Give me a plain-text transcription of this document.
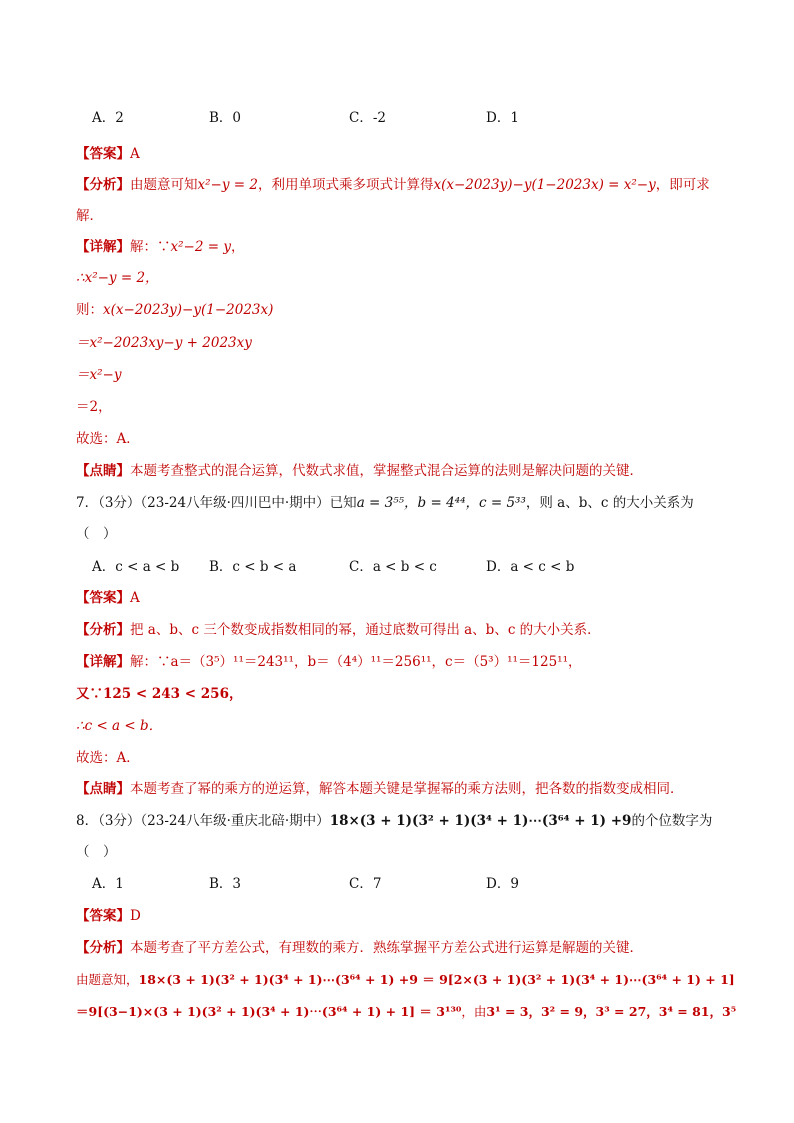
A．2	B．0	C．-2	D．1
【答案】A
【分析】由题意可知x²−y = 2，利用单项式乘多项式计算得x(x−2023y)−y(1−2023x) = x²−y，即可求
解．
【详解】解：∵x²−2 = y，
∴x²−y = 2，
则：x(x−2023y)−y(1−2023x)
＝x²−2023xy−y + 2023xy
＝x²−y
＝2，
故选：A．
【点睛】本题考查整式的混合运算，代数式求值，掌握整式混合运算的法则是解决问题的关键．
7．（3分）（23-24八年级·四川巴中·期中）已知a = 3⁵⁵，b = 4⁴⁴，c = 5³³，则 a、b、c 的大小关系为
（　）
A．c < a < b B．c < b < a	C．a < b < c	D．a < c < b
【答案】A
【分析】把 a、b、c 三个数变成指数相同的幂，通过底数可得出 a、b、c 的大小关系．
【详解】解：∵a＝（3⁵）¹¹＝243¹¹，b＝（4⁴）¹¹＝256¹¹，c＝（5³）¹¹＝125¹¹，
又∵125 < 243 < 256，
∴c < a < b．
故选：A．
【点睛】本题考查了幂的乘方的逆运算，解答本题关键是掌握幂的乘方法则，把各数的指数变成相同．
8．（3分）（23-24八年级·重庆北碚·期中）18×(3 + 1)(3² + 1)(3⁴ + 1)⋯(3⁶⁴ + 1) +9的个位数字为
（　）
A．1	B．3	C．7	D．9
【答案】D
【分析】本题考查了平方差公式，有理数的乘方．熟练掌握平方差公式进行运算是解题的关键．
由题意知，18×(3 + 1)(3² + 1)(3⁴ + 1)⋯(3⁶⁴ + 1) +9 ＝ 9[2×(3 + 1)(3² + 1)(3⁴ + 1)⋯(3⁶⁴ + 1) + 1]
＝9[(3−1)×(3 + 1)(3² + 1)(3⁴ + 1)⋯(3⁶⁴ + 1) + 1] ＝ 3¹³⁰，由3¹ = 3，3² = 9，3³ = 27，3⁴ = 81，3⁵
